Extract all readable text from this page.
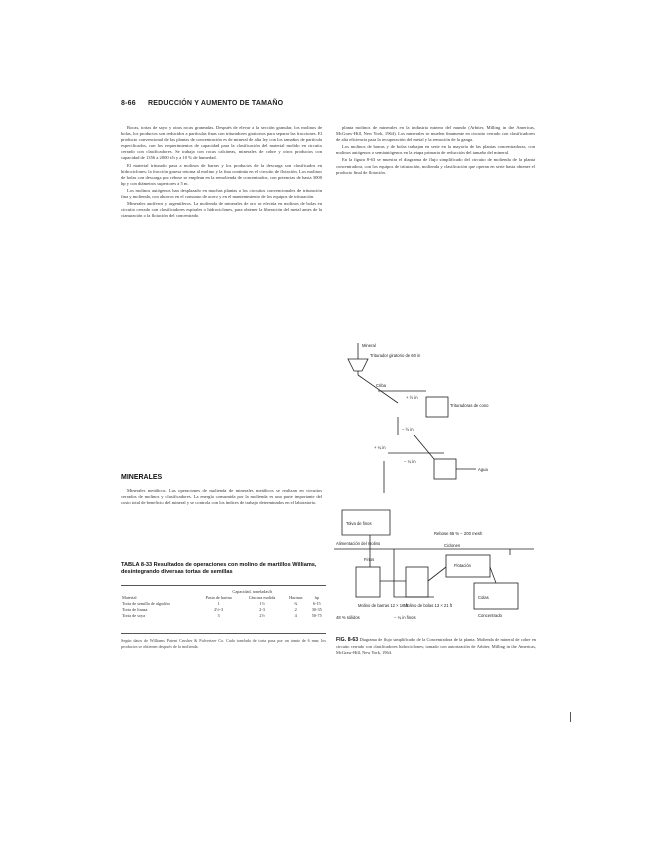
8-66 REDUCCIÓN Y AUMENTO DE TAMAÑO

Rocas, tortas de sayo y otras rocas graneadas. Después de elevar a la sección granular, los molinos de bolas, los productos son reducidos a partículas finas con trituradores giratorios para separar las fracciones. El producto convencional de las plantas de concentración es de mineral de alta ley con los tamaños de partícula especificados, con los requerimientos de capacidad para la clasificación del material molido en circuito cerrado con clasificadores. Se trabaja con rocas calcáreas, minerales de cobre y otros productos con capacidad de 1356 a 2000 t/h y a 10 % de humedad.

El material triturado pasa a molinos de barras y los productos de la descarga son clasificados en hidrociclones; la fracción gruesa retorna al molino y la fina continúa en el circuito de flotación. Los molinos de bolas con descarga por rebose se emplean en la remolienda de concentrados, con potencias de hasta 3000 hp y con diámetros superiores a 5 m.

Los molinos autógenos han desplazado en muchas plantas a los circuitos convencionales de trituración fina y molienda, con ahorros en el consumo de acero y en el mantenimiento de los equipos de trituración.

Minerales auríferos y argentíferos. La molienda de minerales de oro se efectúa en molinos de bolas en circuito cerrado con clasificadores espirales o hidrociclones, para obtener la liberación del metal antes de la cianuración o la flotación del concentrado.

MINERALES

Minerales metálicos. Las operaciones de molienda de minerales metálicos se realizan en circuitos cerrados de molinos y clasificadores. La energía consumida por la molienda es una parte importante del costo total de beneficio del mineral y se controla con los índices de trabajo determinados en el laboratorio.

TABLA 8-33 Resultados de operaciones con molino de martillos Williams, desintegrando diversas tortas de semillas
	Capacidad, toneladas/h			
Material	Pasta de harina	Cáscara molida	Harinas	hp
Torta de semilla de algodón	1	1½	¾	6-15
Torta de linaza	2½-3	2-3	2	30-35
Torta de soya	3	2½	4	50-75
Según datos de Williams Patent Crusher & Pulverizer Co. Cada tonelada de torta pasa por un tamiz de 6 mm; los productos se obtienen después de la molienda.

planta molinos de minerales en la industria minera del mundo (Arbiter, Milling in the Americas, McGraw-Hill, New York, 1964). Los minerales se muelen finamente en circuito cerrado con clasificadores de alta eficiencia para la recuperación del metal y la remoción de la ganga.

Los molinos de barras y de bolas trabajan en serie en la mayoría de las plantas concentradoras, con molinos autógenos o semiautógenos en la etapa primaria de reducción del tamaño del mineral.

En la figura 8-63 se muestra el diagrama de flujo simplificado del circuito de molienda de la planta concentradora, con los equipos de trituración, molienda y clasificación que operan en serie hasta obtener el producto final de flotación.

Mineral
Triturador giratorio de 60 in
Criba
Trituradoras de cono
+ ½ in
− ½ in
+ ¼ in
− ¼ in
Agua
Tolva de finos
Alimentación del molino
Molino de barras 12 × 16 ft
Molino de bolas 13 × 21 ft
Ciclones
Flotación
Colas
Concentrado
Rebose 65 % − 200 mesh
48 % sólidos	− ¼ in finos
Finos
FIG. 8-63 Diagrama de flujo simplificado de la Concentradora de la planta. Molienda de mineral de cobre en circuito cerrado con clasificadores hidrociclones; tomado con autorización de Arbiter, Milling in the Americas, McGraw-Hill, New York, 1964.
